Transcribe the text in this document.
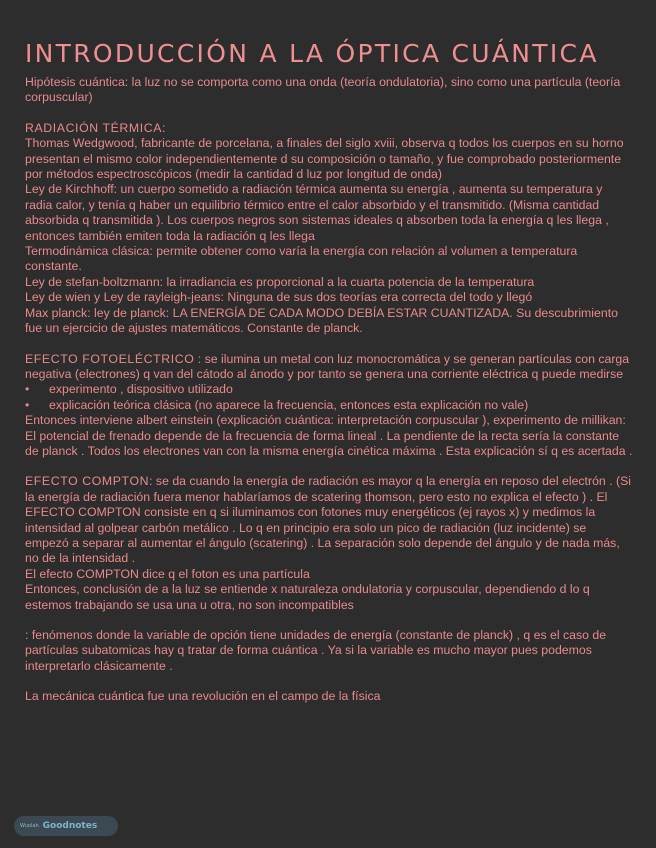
INTRODUCCIÓN A LA ÓPTICA CUÁNTICA

Hipótesis cuántica: la luz no se comporta como una onda (teoría ondulatoria), sino como una partícula (teoría corpuscular)

RADIACIÓN TÉRMICA:

Thomas Wedgwood, fabricante de porcelana, a finales del siglo xviii, observa q todos los cuerpos en su horno presentan el mismo color independientemente d su composición o tamaño, y fue comprobado posteriormente por métodos espectroscópicos (medir la cantidad d luz por longitud de onda)

Ley de Kirchhoff: un cuerpo sometido a radiación térmica aumenta su energía , aumenta su temperatura y radia calor, y tenía q haber un equilibrio térmico entre el calor absorbido y el transmitido. (Misma cantidad absorbida q transmitida ). Los cuerpos negros son sistemas ideales q absorben toda la energía q les llega , entonces también emiten toda la radiación q les llega

Termodinámica clásica: permite obtener como varía la energía con relación al volumen a temperatura constante.

Ley de stefan-boltzmann: la irradiancia es proporcional a la cuarta potencia de la temperatura

Ley de wien y Ley de rayleigh-jeans: Ninguna de sus dos teorías era correcta del todo y llegó

Max planck: ley de planck: LA ENERGÍA DE CADA MODO DEBÍA ESTAR CUANTIZADA. Su descubrimiento fue un ejercicio de ajustes matemáticos. Constante de planck.

EFECTO FOTOELÉCTRICO : se ilumina un metal con luz monocromática y se generan partículas con carga negativa (electrones) q van del cátodo al ánodo y por tanto se genera una corriente eléctrica q puede medirse

•	experimento , dispositivo utilizado
•	explicación teórica clásica (no aparece la frecuencia, entonces esta explicación no vale)

Entonces interviene albert einstein (explicación cuántica: interpretación corpuscular ), experimento de millikan: El potencial de frenado depende de la frecuencia de forma lineal . La pendiente de la recta sería la constante de planck . Todos los electrones van con la misma energía cinética máxima . Esta explicación sí q es acertada .

EFECTO COMPTON: se da cuando la energía de radiación es mayor q la energía en reposo del electrón . (Si la energía de radiación fuera menor hablaríamos de scatering thomson, pero esto no explica el efecto ) . El EFECTO COMPTON consiste en q si iluminamos con fotones muy energéticos (ej rayos x) y medimos la intensidad al golpear carbón metálico . Lo q en principio era solo un pico de radiación (luz incidente) se empezó a separar al aumentar el ángulo (scatering) . La separación solo depende del ángulo y de nada más, no de la intensidad .

El efecto COMPTON dice q el foton es una partícula

Entonces, conclusión de a la luz se entiende x naturaleza ondulatoria y corpuscular, dependiendo d lo q estemos trabajando se usa una u otra, no son incompatibles

: fenómenos donde la variable de opción tiene unidades de energía (constante de planck) , q es el caso de partículas subatomicas hay q tratar de forma cuántica . Ya si la variable es mucho mayor pues podemos interpretarlo clásicamente .

La mecánica cuántica fue una revolución en el campo de la física

Wuolah Goodnotes
